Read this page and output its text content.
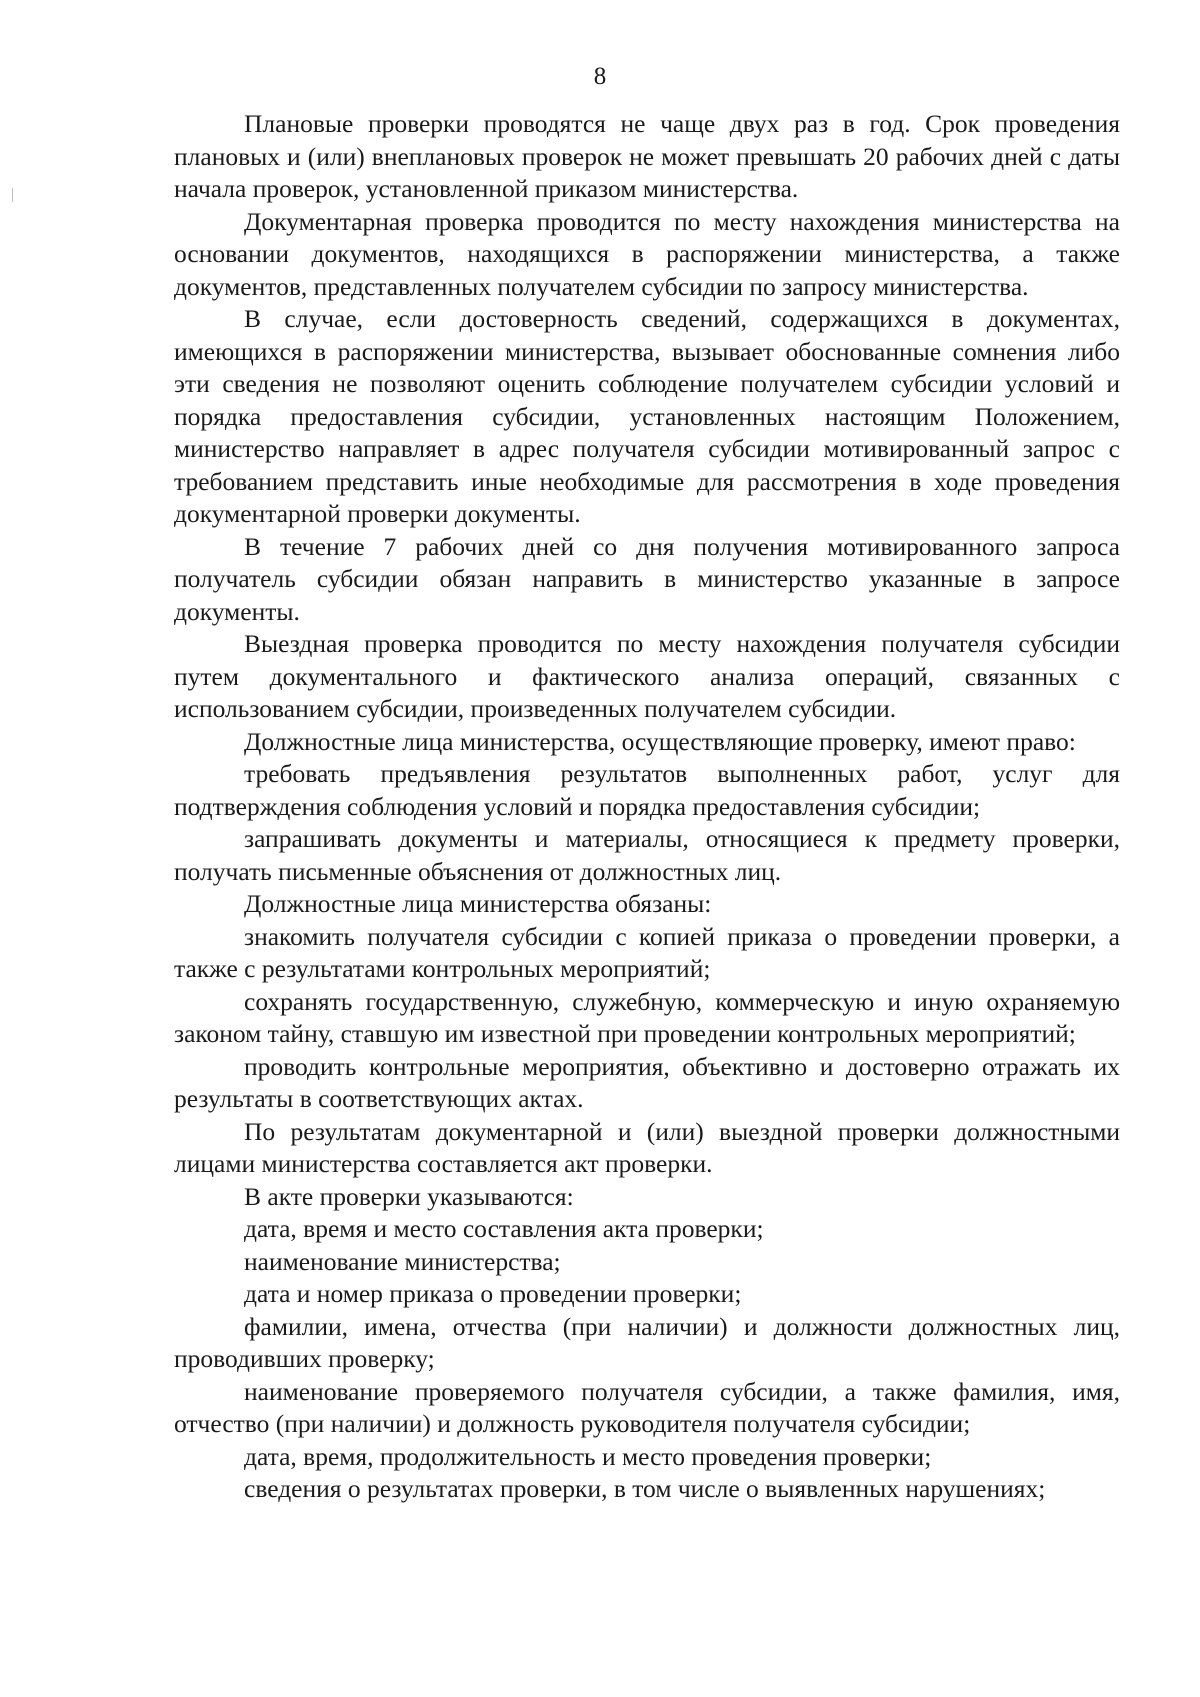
8

Плановые проверки проводятся не чаще двух раз в год. Срок проведения плановых и (или) внеплановых проверок не может превышать 20 рабочих дней с даты начала проверок, установленной приказом министерства.

Документарная проверка проводится по месту нахождения министерства на основании документов, находящихся в распоряжении министерства, а также документов, представленных получателем субсидии по запросу министерства.

В случае, если достоверность сведений, содержащихся в документах, имеющихся в распоряжении министерства, вызывает обоснованные сомнения либо эти сведения не позволяют оценить соблюдение получателем субсидии условий и порядка предоставления субсидии, установленных настоящим Положением, министерство направляет в адрес получателя субсидии мотивированный запрос с требованием представить иные необходимые для рассмотрения в ходе проведения документарной проверки документы.

В течение 7 рабочих дней со дня получения мотивированного запроса получатель субсидии обязан направить в министерство указанные в запросе документы.

Выездная проверка проводится по месту нахождения получателя субсидии путем документального и фактического анализа операций, связанных с использованием субсидии, произведенных получателем субсидии.

Должностные лица министерства, осуществляющие проверку, имеют право:

требовать предъявления результатов выполненных работ, услуг для подтверждения соблюдения условий и порядка предоставления субсидии;

запрашивать документы и материалы, относящиеся к предмету проверки, получать письменные объяснения от должностных лиц.

Должностные лица министерства обязаны:

знакомить получателя субсидии с копией приказа о проведении проверки, а также с результатами контрольных мероприятий;

сохранять государственную, служебную, коммерческую и иную охраняемую законом тайну, ставшую им известной при проведении контрольных мероприятий;

проводить контрольные мероприятия, объективно и достоверно отражать их результаты в соответствующих актах.

По результатам документарной и (или) выездной проверки должностными лицами министерства составляется акт проверки.

В акте проверки указываются:

дата, время и место составления акта проверки;

наименование министерства;

дата и номер приказа о проведении проверки;

фамилии, имена, отчества (при наличии) и должности должностных лиц, проводивших проверку;

наименование проверяемого получателя субсидии, а также фамилия, имя, отчество (при наличии) и должность руководителя получателя субсидии;

дата, время, продолжительность и место проведения проверки;

сведения о результатах проверки, в том числе о выявленных нарушениях;
